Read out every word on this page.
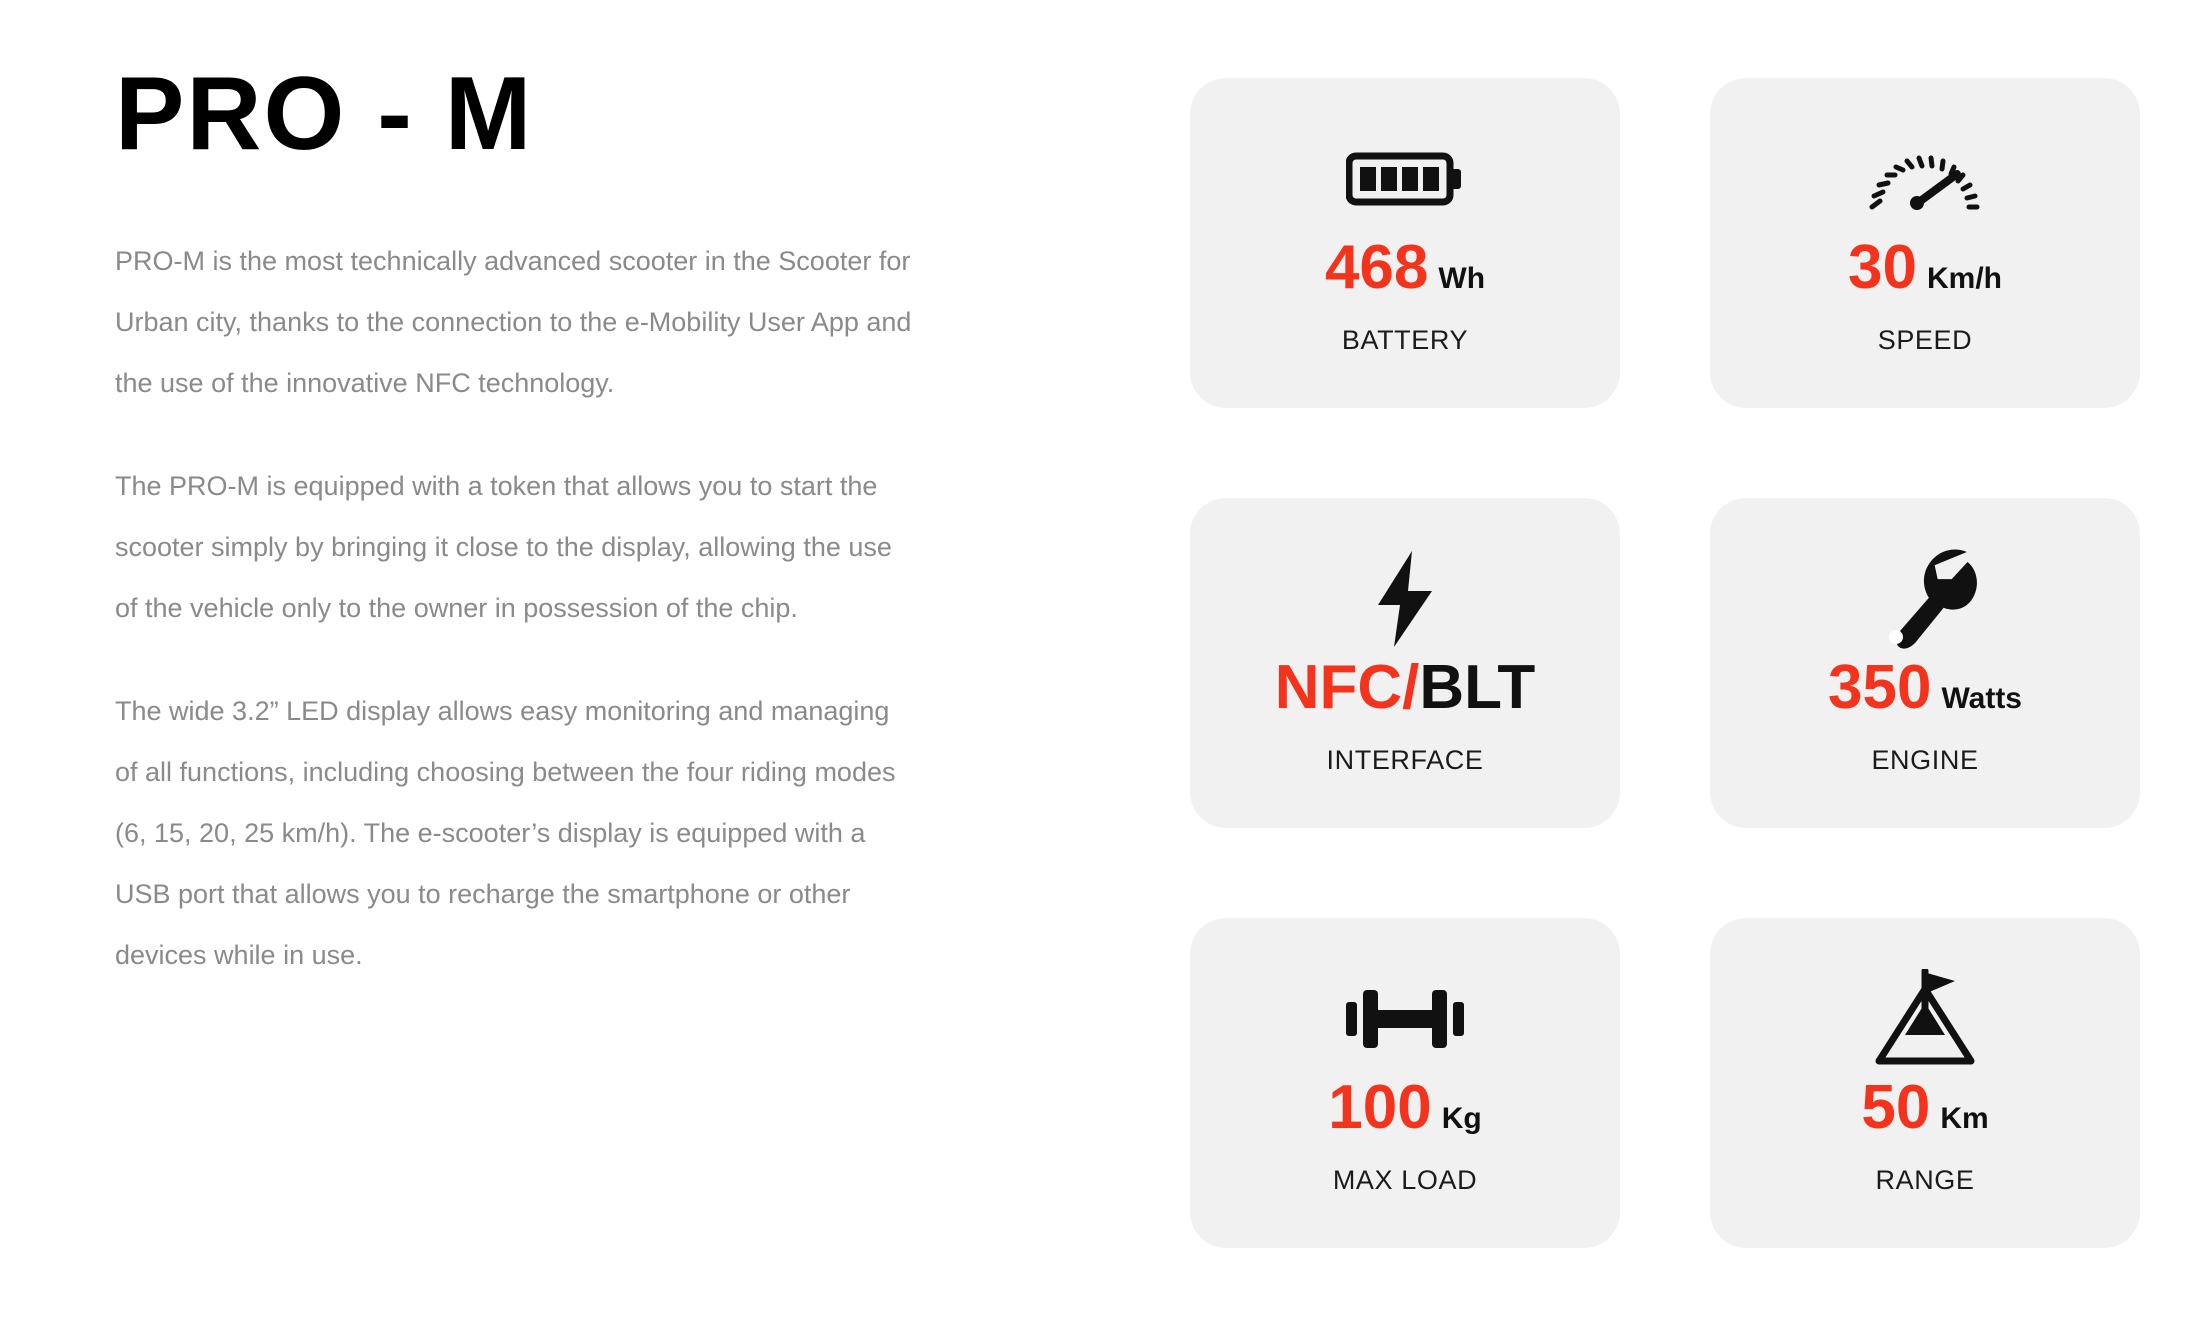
PRO - M

PRO-M is the most technically advanced scooter in the Scooter for Urban city, thanks to the connection to the e-Mobility User App and the use of the innovative NFC technology.

The PRO-M is equipped with a token that allows you to start the scooter simply by bringing it close to the display, allowing the use of the vehicle only to the owner in possession of the chip.

The wide 3.2” LED display allows easy monitoring and managing of all functions, including choosing between the four riding modes (6, 15, 20, 25 km/h). The e-scooter’s display is equipped with a USB port that allows you to recharge the smartphone or other devices while in use.

468 Wh
BATTERY
30 Km/h
SPEED
NFC / BLT
INTERFACE
350 Watts
ENGINE
100 Kg
MAX LOAD
50 Km
RANGE
